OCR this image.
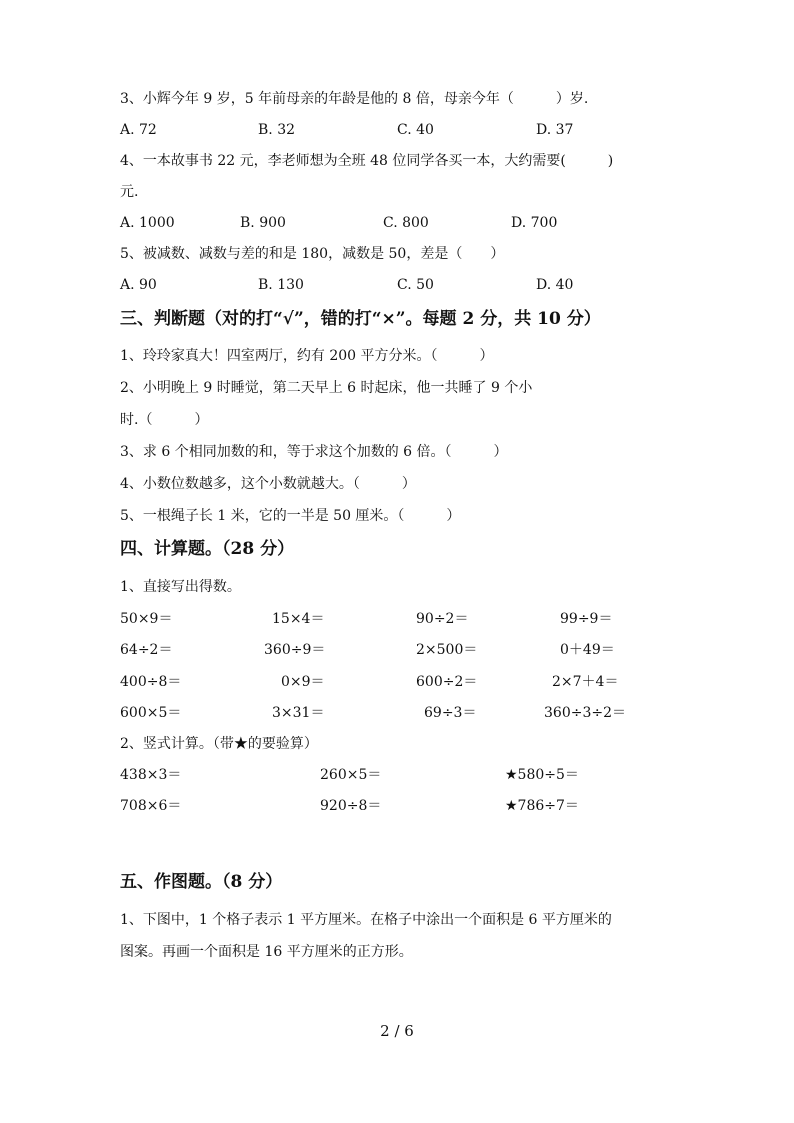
3、小辉今年 9 岁，5 年前母亲的年龄是他的 8 倍，母亲今年（　　　）岁.
A. 72	B. 32	C. 40	D. 37
4、一本故事书 22 元，李老师想为全班 48 位同学各买一本，大约需要(　　　)
元.
A. 1000	B. 900	C. 800	D. 700
5、被减数、减数与差的和是 180，减数是 50，差是（　　）
A. 90	B. 130	C. 50	D. 40
三、判断题（对的打“√”，错的打“×”。每题 2 分，共 10 分）
1、玲玲家真大！四室两厅，约有 200 平方分米。（　　　）
2、小明晚上 9 时睡觉，第二天早上 6 时起床，他一共睡了 9 个小
时.（　　　）
3、求 6 个相同加数的和，等于求这个加数的 6 倍。（　　　）
4、小数位数越多，这个小数就越大。（　　　）
5、一根绳子长 1 米，它的一半是 50 厘米。（　　　）
四、计算题。（28 分）
1、直接写出得数。
50×9＝	15×4＝	90÷2＝	99÷9＝
64÷2＝	360÷9＝	2×500＝	0＋49＝
400÷8＝	0×9＝	600÷2＝	2×7＋4＝
600×5＝	3×31＝	69÷3＝	360÷3÷2＝
2、竖式计算。（带★的要验算）
438×3＝	260×5＝	★580÷5＝
708×6＝	920÷8＝	★786÷7＝
五、作图题。（8 分）
1、下图中，1 个格子表示 1 平方厘米。在格子中涂出一个面积是 6 平方厘米的
图案。再画一个面积是 16 平方厘米的正方形。
2 / 6
